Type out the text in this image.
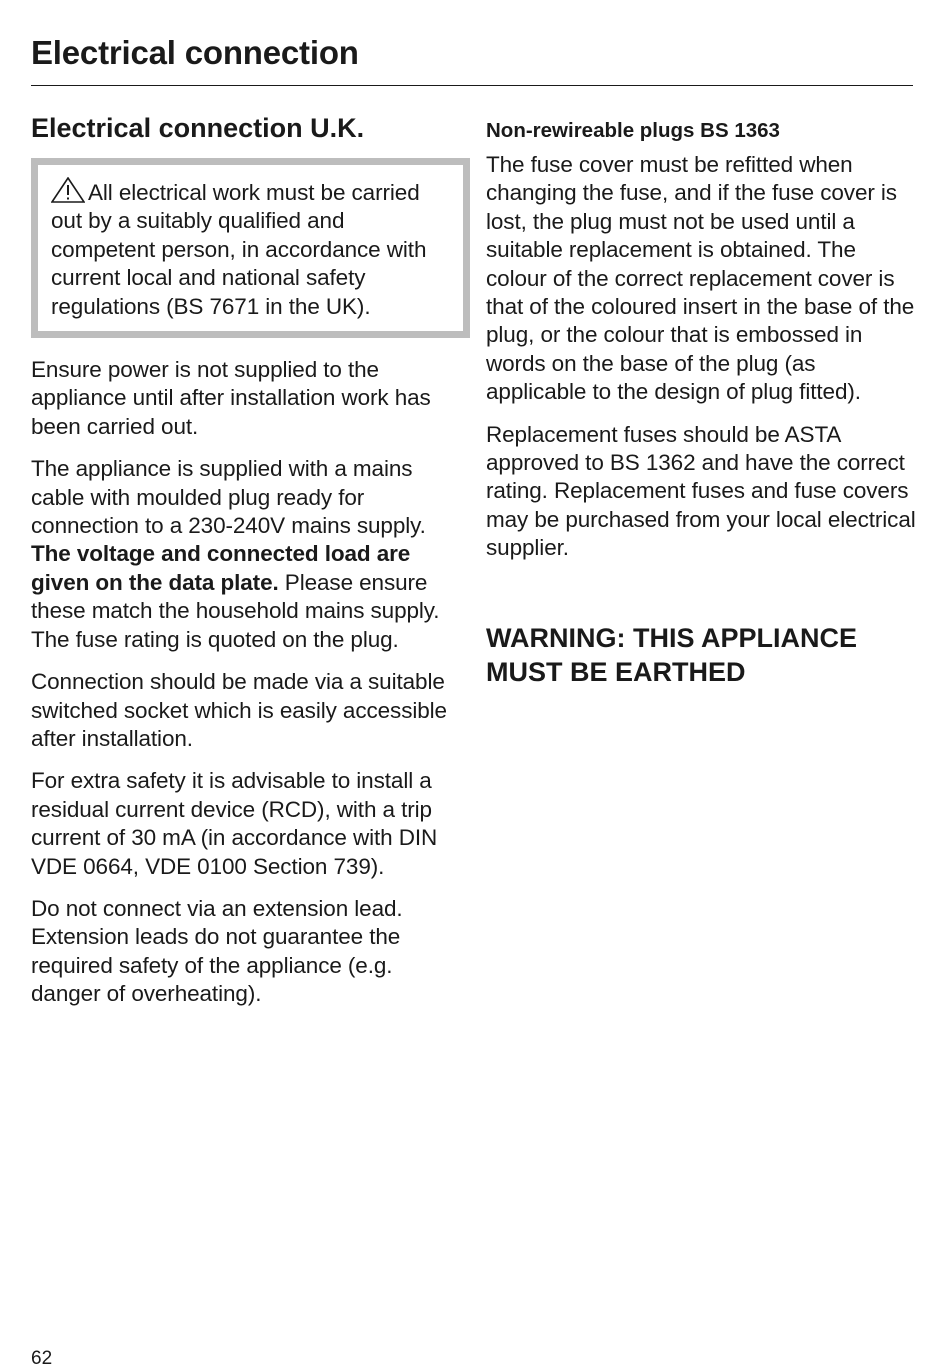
Electrical connection
Electrical connection U.K.

All electrical work must be carried out by a suitably qualified and competent person, in accordance with current local and national safety regulations (BS 7671 in the UK).

Ensure power is not supplied to the appliance until after installation work has been carried out.

The appliance is supplied with a mains cable with moulded plug ready for connection to a 230-240V mains supply. The voltage and connected load are given on the data plate. Please ensure these match the household mains supply. The fuse rating is quoted on the plug.

Connection should be made via a suitable switched socket which is easily accessible after installation.

For extra safety it is advisable to install a residual current device (RCD), with a trip current of 30 mA (in accordance with DIN VDE 0664, VDE 0100 Section 739).

Do not connect via an extension lead. Extension leads do not guarantee the required safety of the appliance (e.g. danger of overheating).

Non-rewireable plugs BS 1363

The fuse cover must be refitted when changing the fuse, and if the fuse cover is lost, the plug must not be used until a suitable replacement is obtained. The colour of the correct replacement cover is that of the coloured insert in the base of the plug, or the colour that is embossed in words on the base of the plug (as applicable to the design of plug fitted).

Replacement fuses should be ASTA approved to BS 1362 and have the correct rating. Replacement fuses and fuse covers may be purchased from your local electrical supplier.

WARNING: THIS APPLIANCE
MUST BE EARTHED
62
